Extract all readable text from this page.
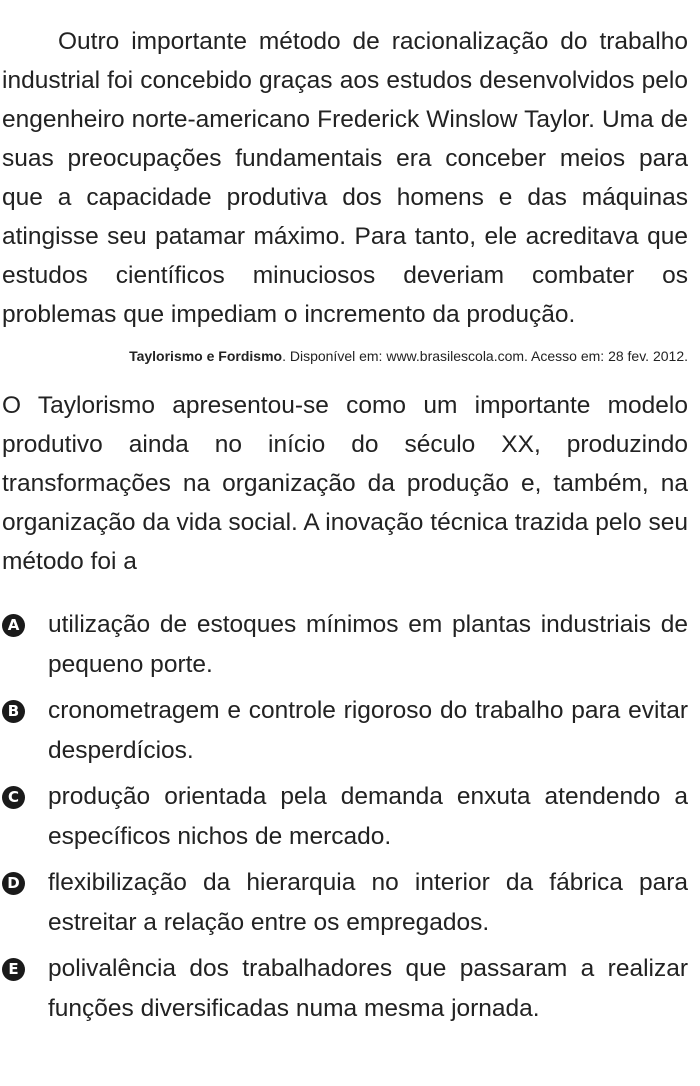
Outro importante método de racionalização do trabalho industrial foi concebido graças aos estudos desenvolvidos pelo engenheiro norte-americano Frederick Winslow Taylor. Uma de suas preocupações fundamentais era conceber meios para que a capacidade produtiva dos homens e das máquinas atingisse seu patamar máximo. Para tanto, ele acreditava que estudos científicos minuciosos deveriam combater os problemas que impediam o incremento da produção.

Taylorismo e Fordismo. Disponível em: www.brasilescola.com. Acesso em: 28 fev. 2012.

O Taylorismo apresentou-se como um importante modelo produtivo ainda no início do século XX, produzindo transformações na organização da produção e, também, na organização da vida social. A inovação técnica trazida pelo seu método foi a

A utilização de estoques mínimos em plantas industriais de pequeno porte.
B cronometragem e controle rigoroso do trabalho para evitar desperdícios.
C produção orientada pela demanda enxuta atendendo a específicos nichos de mercado.
D flexibilização da hierarquia no interior da fábrica para estreitar a relação entre os empregados.
E polivalência dos trabalhadores que passaram a realizar funções diversificadas numa mesma jornada.
